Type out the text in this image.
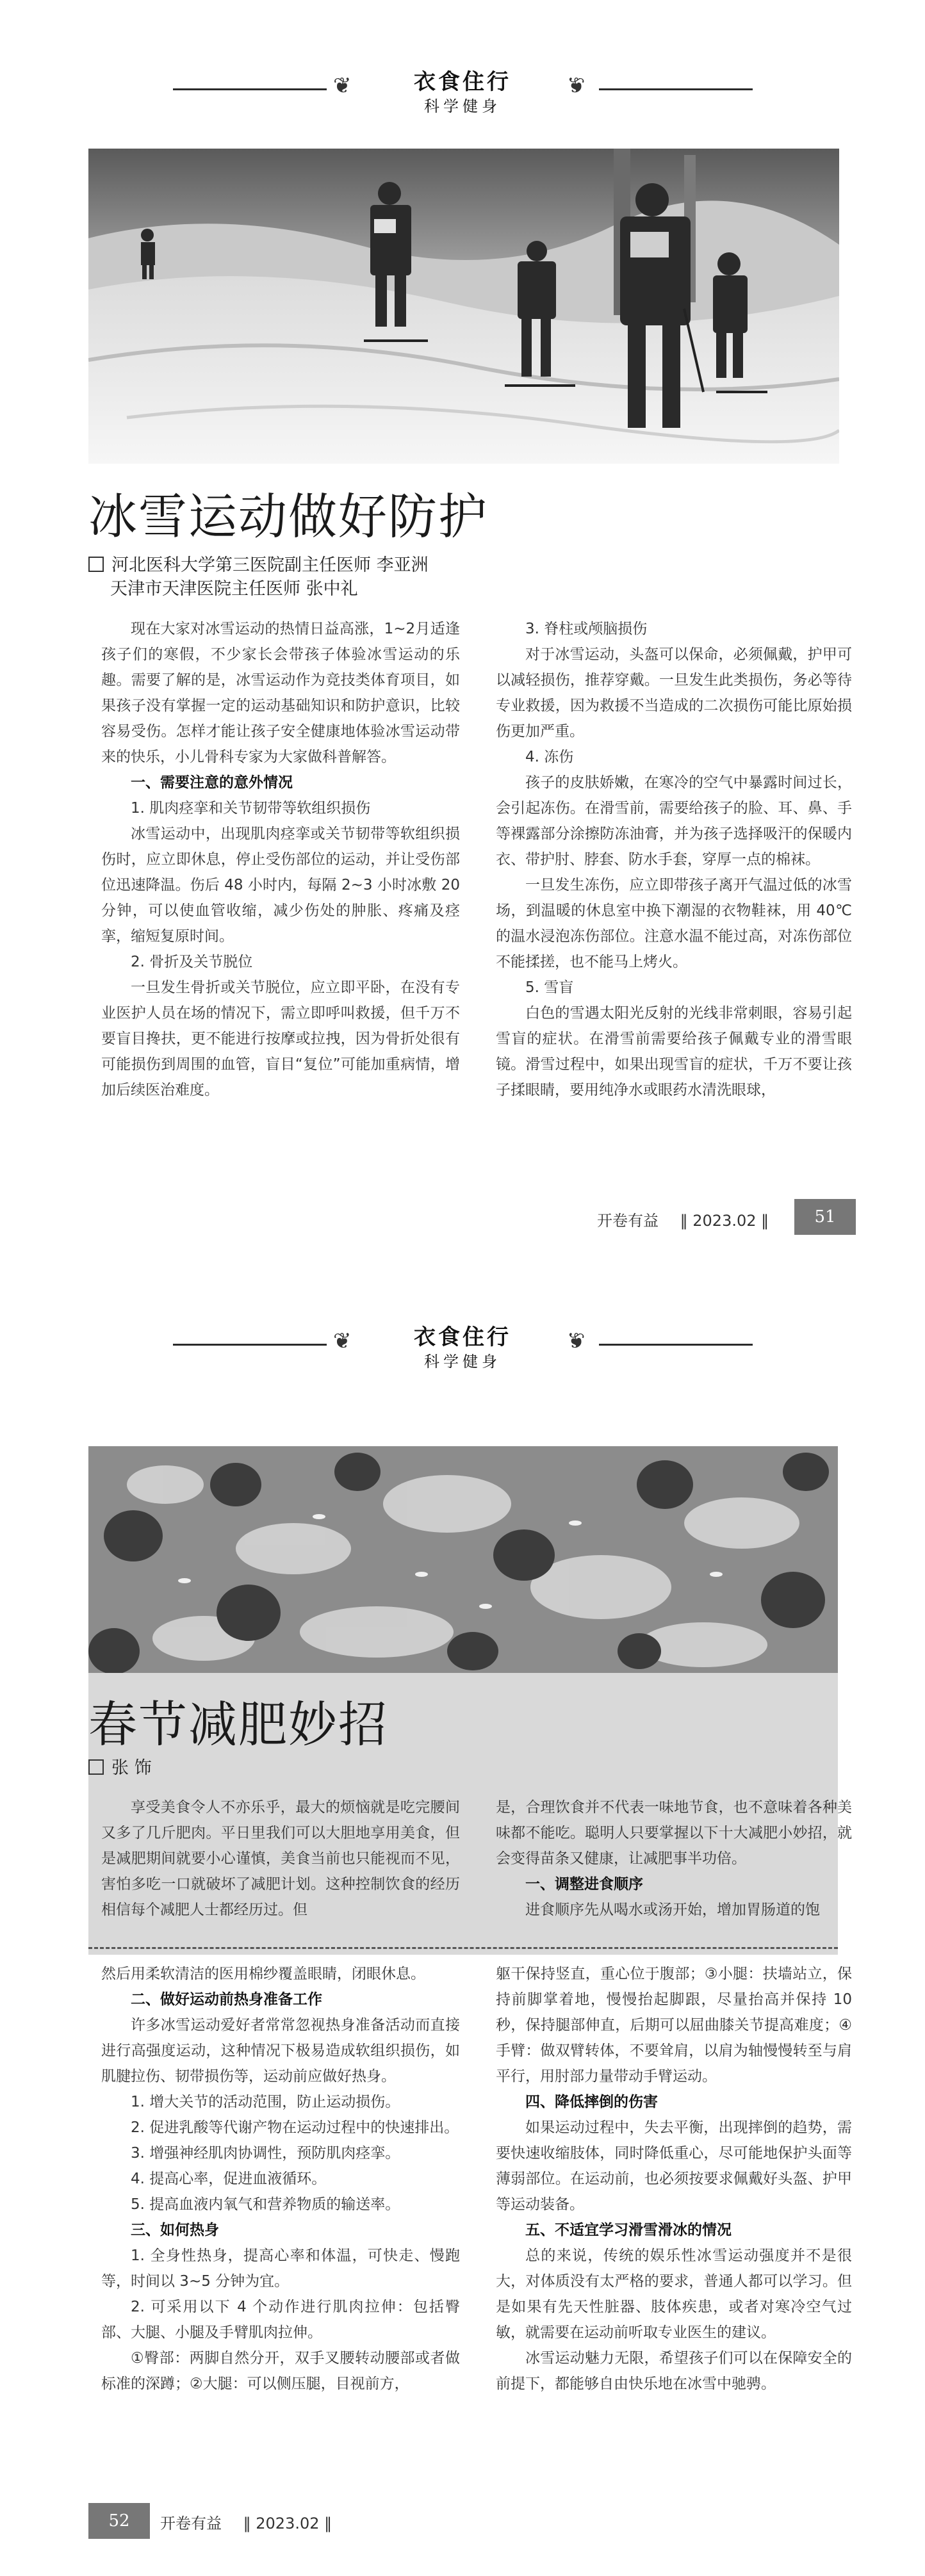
❦	❦
衣食住行
科学健身
冰雪运动做好防护
河北医科大学第三医院副主任医师 李亚洲
天津市天津医院主任医师 张中礼

现在大家对冰雪运动的热情日益高涨，1~2月适逢孩子们的寒假，不少家长会带孩子体验冰雪运动的乐趣。需要了解的是，冰雪运动作为竞技类体育项目，如果孩子没有掌握一定的运动基础知识和防护意识，比较容易受伤。怎样才能让孩子安全健康地体验冰雪运动带来的快乐，小儿骨科专家为大家做科普解答。

一、需要注意的意外情况

1. 肌肉痉挛和关节韧带等软组织损伤

冰雪运动中，出现肌肉痉挛或关节韧带等软组织损伤时，应立即休息，停止受伤部位的运动，并让受伤部位迅速降温。伤后 48 小时内，每隔 2~3 小时冰敷 20 分钟，可以使血管收缩，减少伤处的肿胀、疼痛及痉挛，缩短复原时间。

2. 骨折及关节脱位

一旦发生骨折或关节脱位，应立即平卧，在没有专业医护人员在场的情况下，需立即呼叫救援，但千万不要盲目搀扶，更不能进行按摩或拉拽，因为骨折处很有可能损伤到周围的血管，盲目“复位”可能加重病情，增加后续医治难度。

3. 脊柱或颅脑损伤

对于冰雪运动，头盔可以保命，必须佩戴，护甲可以减轻损伤，推荐穿戴。一旦发生此类损伤，务必等待专业救援，因为救援不当造成的二次损伤可能比原始损伤更加严重。

4. 冻伤

孩子的皮肤娇嫩，在寒冷的空气中暴露时间过长，会引起冻伤。在滑雪前，需要给孩子的脸、耳、鼻、手等裸露部分涂擦防冻油膏，并为孩子选择吸汗的保暖内衣、带护肘、脖套、防水手套，穿厚一点的棉袜。

一旦发生冻伤，应立即带孩子离开气温过低的冰雪场，到温暖的休息室中换下潮湿的衣物鞋袜，用 40℃的温水浸泡冻伤部位。注意水温不能过高，对冻伤部位不能揉搓，也不能马上烤火。

5. 雪盲

白色的雪遇太阳光反射的光线非常刺眼，容易引起雪盲的症状。在滑雪前需要给孩子佩戴专业的滑雪眼镜。滑雪过程中，如果出现雪盲的症状，千万不要让孩子揉眼睛，要用纯净水或眼药水清洗眼球，

开卷有益 ‖ 2023.02 ‖	51
❦	❦
衣食住行
科学健身
春节减肥妙招
张 饰

享受美食令人不亦乐乎，最大的烦恼就是吃完腰间又多了几斤肥肉。平日里我们可以大胆地享用美食，但是减肥期间就要小心谨慎，美食当前也只能视而不见，害怕多吃一口就破坏了减肥计划。这种控制饮食的经历相信每个减肥人士都经历过。但

是，合理饮食并不代表一味地节食，也不意味着各种美味都不能吃。聪明人只要掌握以下十大减肥小妙招，就会变得苗条又健康，让减肥事半功倍。

一、调整进食顺序

进食顺序先从喝水或汤开始，增加胃肠道的饱

然后用柔软清洁的医用棉纱覆盖眼睛，闭眼休息。

二、做好运动前热身准备工作

许多冰雪运动爱好者常常忽视热身准备活动而直接进行高强度运动，这种情况下极易造成软组织损伤，如肌腱拉伤、韧带损伤等，运动前应做好热身。

1. 增大关节的活动范围，防止运动损伤。

2. 促进乳酸等代谢产物在运动过程中的快速排出。

3. 增强神经肌肉协调性，预防肌肉痉挛。

4. 提高心率，促进血液循环。

5. 提高血液内氧气和营养物质的输送率。

三、如何热身

1. 全身性热身，提高心率和体温，可快走、慢跑等，时间以 3~5 分钟为宜。

2. 可采用以下 4 个动作进行肌肉拉伸：包括臀部、大腿、小腿及手臂肌肉拉伸。

①臀部：两脚自然分开，双手叉腰转动腰部或者做标准的深蹲；②大腿：可以侧压腿，目视前方，

躯干保持竖直，重心位于腹部；③小腿：扶墙站立，保持前脚掌着地，慢慢抬起脚跟，尽量抬高并保持 10 秒，保持腿部伸直，后期可以屈曲膝关节提高难度；④手臂：做双臂转体，不要耸肩，以肩为轴慢慢转至与肩平行，用肘部力量带动手臂运动。

四、降低摔倒的伤害

如果运动过程中，失去平衡，出现摔倒的趋势，需要快速收缩肢体，同时降低重心，尽可能地保护头面等薄弱部位。在运动前，也必须按要求佩戴好头盔、护甲等运动装备。

五、不适宜学习滑雪滑冰的情况

总的来说，传统的娱乐性冰雪运动强度并不是很大，对体质没有太严格的要求，普通人都可以学习。但是如果有先天性脏器、肢体疾患，或者对寒冷空气过敏，就需要在运动前听取专业医生的建议。

冰雪运动魅力无限，希望孩子们可以在保障安全的前提下，都能够自由快乐地在冰雪中驰骋。

52	开卷有益 ‖ 2023.02 ‖
